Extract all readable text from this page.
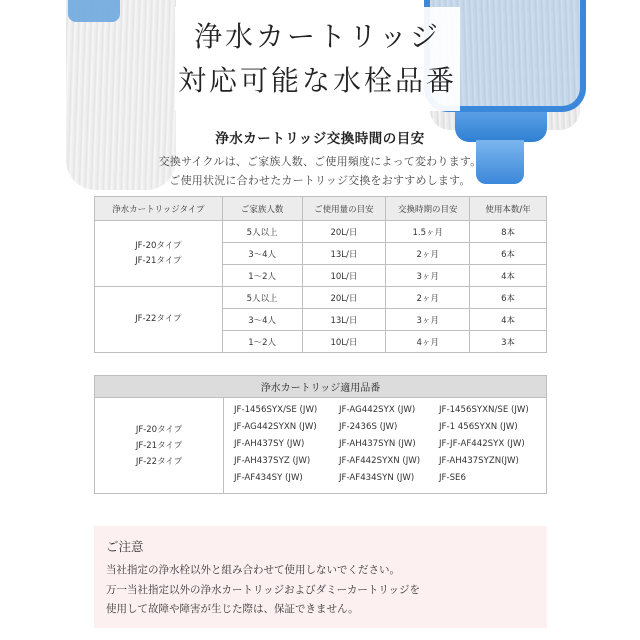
浄水カートリッジ
対応可能な水栓品番
浄水カートリッジ交換時間の目安
交換サイクルは、ご家族人数、ご使用頻度によって変わります。
ご使用状況に合わせたカートリッジ交換をおすすめします。
浄水カートリッジタイプ	ご家族人数	ご使用量の目安	交換時期の目安	使用本数/年

JF-20タイプ
JF-21タイプ	5人以上	20L/日	1.5ヶ月	8本
	3〜4人	13L/日	2ヶ月	6本
	1〜2人	10L/日	3ヶ月	4本

JF-22タイプ	5人以上	20L/日	2ヶ月	6本
	3〜4人	13L/日	3ヶ月	4本
	1〜2人	10L/日	4ヶ月	3本
浄水カートリッジ適用品番

JF-20タイプ
JF-21タイプ
JF-22タイプ

JF-1456SYX/SE (JW)	JF-AG442SYX (JW)	JF-1456SYXN/SE (JW)
JF-AG442SYXN (JW)	JF-2436S (JW)	JF-1 456SYXN (JW)
JF-AH437SY (JW)	JF-AH437SYN (JW)	JF-JF-AF442SYX (JW)
JF-AH437SYZ (JW)	JF-AF442SYXN (JW)	JF-AH437SYZN(JW)
JF-AF434SY (JW)	JF-AF434SYN (JW)	JF-SE6
ご注意
当社指定の浄水栓以外と組み合わせて使用しないでください。
万一当社指定以外の浄水カートリッジおよびダミーカートリッジを
使用して故障や障害が生じた際は、保証できません。
